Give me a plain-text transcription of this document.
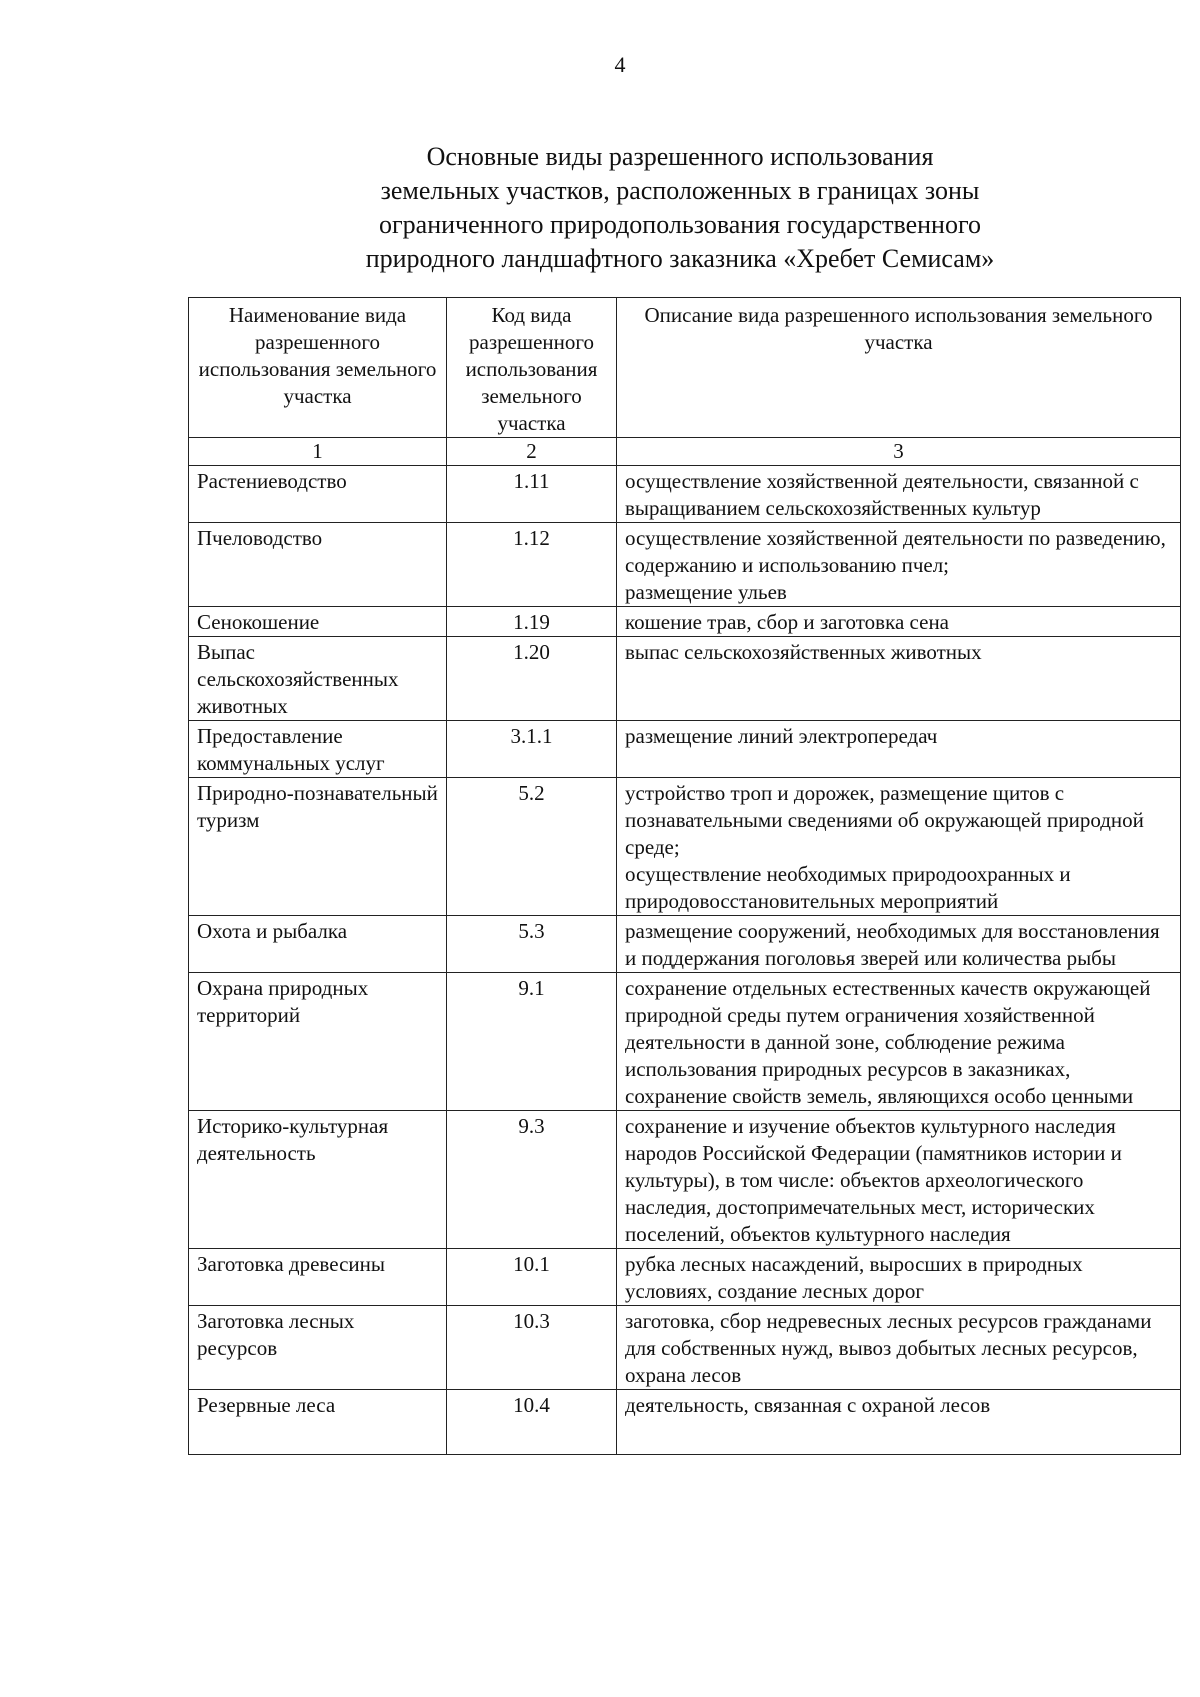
4
Основные виды разрешенного использования
земельных участков, расположенных в границах зоны
ограниченного природопользования государственного
природного ландшафтного заказника «Хребет Семисам»
Наименование вида разрешенного использования земельного участка	Код вида разрешенного использования земельного участка	Описание вида разрешенного использования земельного участка
1	2	3
Растениеводство	1.11	осуществление хозяйственной деятельности, связанной с выращиванием сельскохозяйственных культур
Пчеловодство	1.12	осуществление хозяйственной деятельности по разведению, содержанию и использованию пчел;
размещение ульев
Сенокошение	1.19	кошение трав, сбор и заготовка сена
Выпас сельскохозяйственных животных	1.20	выпас сельскохозяйственных животных
Предоставление коммунальных услуг	3.1.1	размещение линий электропередач
Природно-познавательный туризм	5.2	устройство троп и дорожек, размещение щитов с познавательными сведениями об окружающей природной среде;
осуществление необходимых природоохранных и природовосстановительных мероприятий
Охота и рыбалка	5.3	размещение сооружений, необходимых для восстановления и поддержания поголовья зверей или количества рыбы
Охрана природных территорий	9.1	сохранение отдельных естественных качеств окружающей природной среды путем ограничения хозяйственной деятельности в данной зоне, соблюдение режима использования природных ресурсов в заказниках, сохранение свойств земель, являющихся особо ценными
Историко-культурная деятельность	9.3	сохранение и изучение объектов культурного наследия народов Российской Федерации (памятников истории и культуры), в том числе: объектов археологического наследия, достопримечательных мест, исторических поселений, объектов культурного наследия
Заготовка древесины	10.1	рубка лесных насаждений, выросших в природных условиях, создание лесных дорог
Заготовка лесных ресурсов	10.3	заготовка, сбор недревесных лесных ресурсов гражданами для собственных нужд, вывоз добытых лесных ресурсов, охрана лесов
Резервные леса	10.4	деятельность, связанная с охраной лесов
